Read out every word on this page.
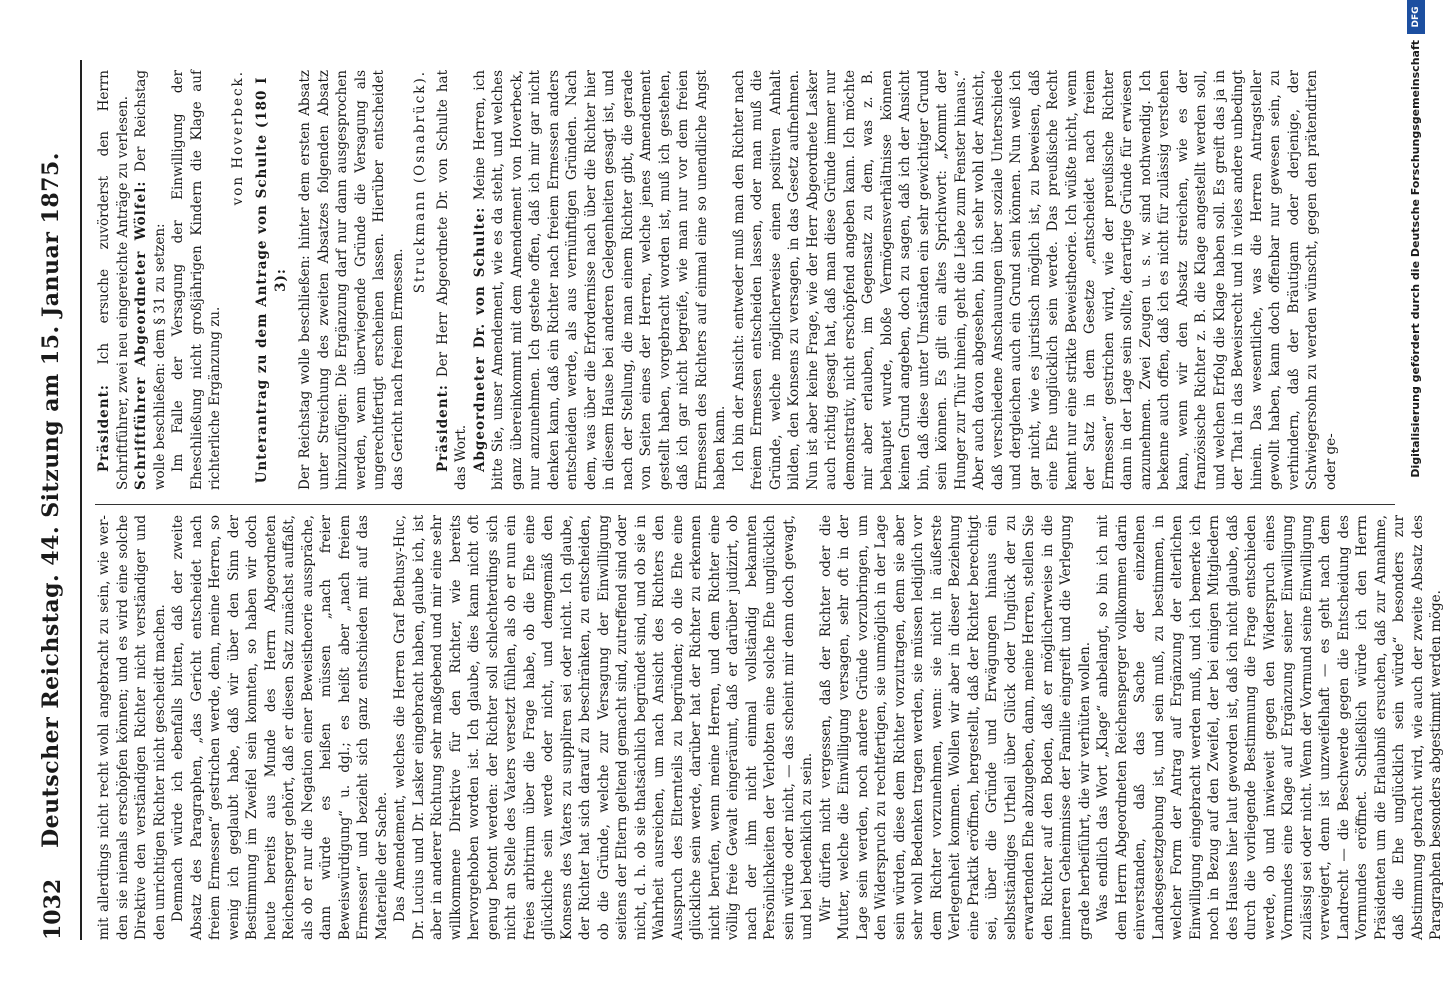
1032
Deutscher Reichstag. 44. Sitzung am 15. Januar 1875. mit allerdings nicht recht wohl angebracht zu sein, wie wer-den sie niemals erschöpfen können; und es wird eine solche Direktive den verständigen Richter nicht verständiger und den unrichtigen Richter nicht gescheidt machen. Demnach würde ich ebenfalls bitten, daß der zweite Absatz des Paragraphen, „das Gericht entscheidet nach freiem Ermessen“ gestrichen werde, denn, meine Herren, so wenig ich geglaubt habe, daß wir über den Sinn der Bestimmung im Zweifel sein konnten, so haben wir doch heute bereits aus Munde des Herrn Abgeordneten Reichensperger gehört, daß er diesen Satz zunächst auffaßt, als ob er nur die Negation einer Beweistheorie ausspräche, dann würde es heißen müssen „nach freier Beweiswürdigung“ u. dgl.; es heißt aber „nach freiem Ermessen“ und bezieht sich ganz entschieden mit auf das Materielle der Sache. Das Amendement, welches die Herren Graf Bethusy-Huc, Dr. Lucius und Dr. Lasker eingebracht haben, glaube ich, ist aber in anderer Richtung sehr maßgebend und mir eine sehr willkommene Direktive für den Richter, wie bereits hervorgehoben worden ist. Ich glaube, dies kann nicht oft genug betont werden: der Richter soll schlechterdings sich nicht an Stelle des Vaters versetzt fühlen, als ob er nun ein freies arbitrium über die Frage habe, ob die Ehe eine glückliche sein werde oder nicht, und demgemäß den Konsens des Vaters zu suppliren sei oder nicht. Ich glaube, der Richter hat sich darauf zu beschränken, zu entscheiden, ob die Gründe, welche zur Versagung der Einwilligung seitens der Eltern geltend gemacht sind, zutreffend sind oder nicht, d. h. ob sie thatsächlich begründet sind, und ob sie in Wahrheit ausreichen, um nach Ansicht des Richters den Ausspruch des Elternteils zu begründen; ob die Ehe eine glückliche sein werde, darüber hat der Richter zu erkennen nicht berufen, wenn meine Herren, und dem Richter eine völlig freie Gewalt eingeräumt, daß er darüber judizirt, ob nach der ihm nicht einmal vollständig bekannten Persönlichkeiten der Verlobten eine solche Ehe unglücklich sein würde oder nicht, — das scheint mir denn doch gewagt, und bei bedenklich zu sein. Wir dürfen nicht vergessen, daß der Richter oder die Mutter, welche die Einwilligung versagen, sehr oft in der Lage sein werden, noch andere Gründe vorzubringen, um den Widerspruch zu rechtfertigen, sie unmöglich in der Lage sein würden, diese dem Richter vorzutragen, denn sie aber sehr wohl Bedenken tragen werden, sie müssen lediglich vor dem Richter vorzunehmen, wenn: sie nicht in äußerste Verlegenheit kommen. Wollen wir aber in dieser Beziehung eine Praktik eröffnen, hergestellt, daß der Richter berechtigt sei, über die Gründe und Erwägungen hinaus ein selbstständiges Urtheil über Glück oder Unglück der zu erwartenden Ehe abzugeben, dann, meine Herren, stellen Sie den Richter auf den Boden, daß er möglicherweise in die inneren Geheimnisse der Familie eingreift und die Verlegung grade herbeiführt, die wir verhüten wollen. Was endlich das Wort „Klage“ anbelangt, so bin ich mit dem Herrn Abgeordneten Reichensperger vollkommen darin einverstanden, daß das Sache der einzelnen Landesgesetzgebung ist, und sein muß, zu bestimmen, in welcher Form der Antrag auf Ergänzung der elterlichen Einwilligung eingebracht werden muß, und ich bemerke ich noch in Bezug auf den Zweifel, der bei einigen Mitgliedern des Hauses hier laut geworden ist, daß ich nicht glaube, daß durch die vorliegende Bestimmung die Frage entschieden werde, ob und inwieweit gegen den Widerspruch eines Vormundes eine Klage auf Ergänzung seiner Einwilligung zulässig sei oder nicht. Wenn der Vormund seine Einwilligung verweigert, denn ist unzweifelhaft — es geht nach dem Landrecht — die Beschwerde gegen die Entscheidung des Vormundes eröffnet. Schließlich würde ich den Herrn Präsidenten um die Erlaubniß ersuchen, daß zur Annahme, daß die Ehe unglücklich sein würde“ besonders zur Abstimmung gebracht wird, wie auch der zweite Absatz des Paragraphen besonders abgestimmt werden möge.

Präsident: Ich ersuche zuvörderst den Herrn Schriftführer, zwei neu eingereichte Anträge zu verlesen. Schriftführer Abgeordneter Wölfel: Der Reichstag wolle beschließen: dem § 31 zu setzen: Im Falle der Versagung der Einwilligung der Eheschließung nicht großjährigen Kindern die Klage auf richterliche Ergänzung zu.

von Hoverbeck. Unterantrag zu dem Antrage von Schulte (180 I 3): Der Reichstag wolle beschließen: hinter dem ersten Absatz unter Streichung des zweiten Absatzes folgenden Absatz hinzuzufügen: Die Ergänzung darf nur dann ausgesprochen werden, wenn überwiegende Gründe die Versagung als ungerechtfertigt erscheinen lassen. Hierüber entscheidet das Gericht nach freiem Ermessen.

Struckmann (Osnabrück).

Präsident: Der Herr Abgeordnete Dr. von Schulte hat das Wort. Abgeordneter Dr. von Schulte: Meine Herren, ich bitte Sie, unser Amendement, wie es da steht, und welches ganz übereinkommt mit dem Amendement von Hoverbeck, nur anzunehmen. Ich gestehe offen, daß ich mir gar nicht denken kann, daß ein Richter nach freiem Ermessen anders entscheiden werde, als aus vernünftigen Gründen. Nach dem, was über die Erfordernisse nach über die Richter hier in diesem Hause bei anderen Gelegenheiten gesagt ist, und nach der Stellung, die man einem Richter gibt, die gerade von Seiten eines der Herren, welche jenes Amendement gestellt haben, vorgebracht worden ist, muß ich gestehen, daß ich gar nicht begreife, wie man nur vor dem freien Ermessen des Richters auf einmal eine so unendliche Angst haben kann. Ich bin der Ansicht: entweder muß man den Richter nach freiem Ermessen entscheiden lassen, oder man muß die Gründe, welche möglicherweise einen positiven Anhalt bilden, den Konsens zu versagen, in das Gesetz aufnehmen. Nun ist aber keine Frage, wie der Herr Abgeordnete Lasker auch richtig gesagt hat, daß man diese Gründe immer nur demonstrativ, nicht erschöpfend angeben kann. Ich möchte mir aber erlauben, im Gegensatz zu dem, was z. B. behauptet wurde, bloße Vermögensverhältnisse können keinen Grund angeben, doch zu sagen, daß ich der Ansicht bin, daß diese unter Umständen ein sehr gewichtiger Grund sein können. Es gilt ein altes Sprichwort: „Kommt der Hunger zur Thür hinein, geht die Liebe zum Fenster hinaus.“ Aber auch davon abgesehen, bin ich sehr wohl der Ansicht, daß verschiedene Anschauungen über soziale Unterschiede und dergleichen auch ein Grund sein können. Nun weiß ich gar nicht, wie es juristisch möglich ist, zu beweisen, daß eine Ehe unglücklich sein werde. Das preußische Recht kennt nur eine strikte Beweistheorie. Ich wüßte nicht, wenn der Satz in dem Gesetze „entscheidet nach freiem Ermessen“ gestrichen wird, wie der preußische Richter dann in der Lage sein sollte, derartige Gründe für erwiesen anzunehmen. Zwei Zeugen u. s. w. sind nothwendig. Ich bekenne auch offen, daß ich es nicht für zulässig verstehen kann, wenn wir den Absatz streichen, wie es der französische Richter z. B. die Klage angestellt werden soll, und welchen Erfolg die Klage haben soll. Es greift das ja in der That in das Beweisrecht und in vieles andere unbedingt hinein. Das wesentliche, was die Herren Antragsteller gewollt haben, kann doch offenbar nur gewesen sein, zu verhindern, daß der Bräutigam oder derjenige, der Schwiegersohn zu werden wünscht, gegen den prätendirten oder ge-	Digitalisierung gefördert durch die Deutsche Forschungsgemeinschaft
DFG
